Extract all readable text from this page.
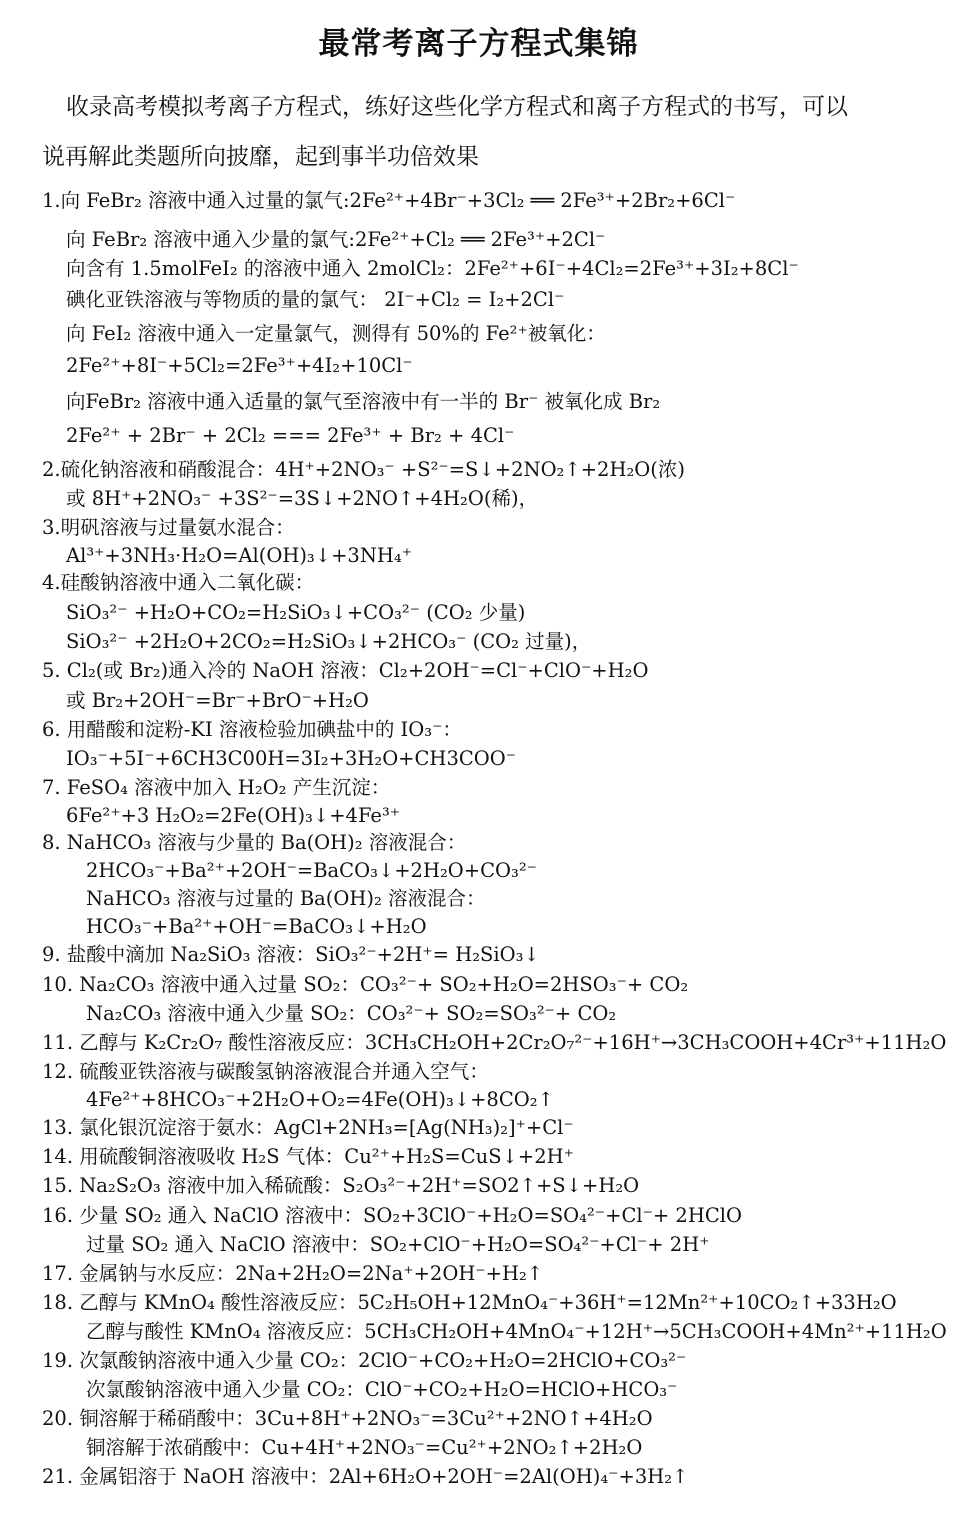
最常考离子方程式集锦
收录高考模拟考离子方程式，练好这些化学方程式和离子方程式的书写，可以
说再解此类题所向披靡，起到事半功倍效果
1.向 FeBr₂ 溶液中通入过量的氯气:2Fe²⁺+4Br⁻+3Cl₂ ══ 2Fe³⁺+2Br₂+6Cl⁻
向 FeBr₂ 溶液中通入少量的氯气:2Fe²⁺+Cl₂ ══ 2Fe³⁺+2Cl⁻
向含有 1.5molFeI₂ 的溶液中通入 2molCl₂：2Fe²⁺+6I⁻+4Cl₂=2Fe³⁺+3I₂+8Cl⁻
碘化亚铁溶液与等物质的量的氯气： 2I⁻+Cl₂ = I₂+2Cl⁻
向 FeI₂ 溶液中通入一定量氯气，测得有 50%的 Fe²⁺被氧化：
2Fe²⁺+8I⁻+5Cl₂=2Fe³⁺+4I₂+10Cl⁻
向FeBr₂ 溶液中通入适量的氯气至溶液中有一半的 Br⁻ 被氧化成 Br₂
2Fe²⁺ + 2Br⁻ + 2Cl₂ === 2Fe³⁺ + Br₂ + 4Cl⁻
2.硫化钠溶液和硝酸混合：4H⁺+2NO₃⁻ +S²⁻=S↓+2NO₂↑+2H₂O(浓)
或 8H⁺+2NO₃⁻ +3S²⁻=3S↓+2NO↑+4H₂O(稀)，
3.明矾溶液与过量氨水混合：
Al³⁺+3NH₃·H₂O=Al(OH)₃↓+3NH₄⁺
4.硅酸钠溶液中通入二氧化碳：
SiO₃²⁻ +H₂O+CO₂=H₂SiO₃↓+CO₃²⁻ (CO₂ 少量)
SiO₃²⁻ +2H₂O+2CO₂=H₂SiO₃↓+2HCO₃⁻ (CO₂ 过量)，
5. Cl₂(或 Br₂)通入冷的 NaOH 溶液：Cl₂+2OH⁻=Cl⁻+ClO⁻+H₂O
或 Br₂+2OH⁻=Br⁻+BrO⁻+H₂O
6. 用醋酸和淀粉-KI 溶液检验加碘盐中的 IO₃⁻：
IO₃⁻+5I⁻+6CH3C00H=3I₂+3H₂O+CH3COO⁻
7. FeSO₄ 溶液中加入 H₂O₂ 产生沉淀：
6Fe²⁺+3 H₂O₂=2Fe(OH)₃↓+4Fe³⁺
8. NaHCO₃ 溶液与少量的 Ba(OH)₂ 溶液混合：
2HCO₃⁻+Ba²⁺+2OH⁻=BaCO₃↓+2H₂O+CO₃²⁻
NaHCO₃ 溶液与过量的 Ba(OH)₂ 溶液混合：
HCO₃⁻+Ba²⁺+OH⁻=BaCO₃↓+H₂O
9. 盐酸中滴加 Na₂SiO₃ 溶液：SiO₃²⁻+2H⁺= H₂SiO₃↓
10. Na₂CO₃ 溶液中通入过量 SO₂：CO₃²⁻+ SO₂+H₂O=2HSO₃⁻+ CO₂
Na₂CO₃ 溶液中通入少量 SO₂：CO₃²⁻+ SO₂=SO₃²⁻+ CO₂
11. 乙醇与 K₂Cr₂O₇ 酸性溶液反应：3CH₃CH₂OH+2Cr₂O₇²⁻+16H⁺→3CH₃COOH+4Cr³⁺+11H₂O
12. 硫酸亚铁溶液与碳酸氢钠溶液混合并通入空气：
4Fe²⁺+8HCO₃⁻+2H₂O+O₂=4Fe(OH)₃↓+8CO₂↑
13. 氯化银沉淀溶于氨水：AgCl+2NH₃=[Ag(NH₃)₂]⁺+Cl⁻
14. 用硫酸铜溶液吸收 H₂S 气体：Cu²⁺+H₂S=CuS↓+2H⁺
15. Na₂S₂O₃ 溶液中加入稀硫酸：S₂O₃²⁻+2H⁺=SO2↑+S↓+H₂O
16. 少量 SO₂ 通入 NaClO 溶液中：SO₂+3ClO⁻+H₂O=SO₄²⁻+Cl⁻+ 2HClO
过量 SO₂ 通入 NaClO 溶液中：SO₂+ClO⁻+H₂O=SO₄²⁻+Cl⁻+ 2H⁺
17. 金属钠与水反应：2Na+2H₂O=2Na⁺+2OH⁻+H₂↑
18. 乙醇与 KMnO₄ 酸性溶液反应：5C₂H₅OH+12MnO₄⁻+36H⁺=12Mn²⁺+10CO₂↑+33H₂O
乙醇与酸性 KMnO₄ 溶液反应：5CH₃CH₂OH+4MnO₄⁻+12H⁺→5CH₃COOH+4Mn²⁺+11H₂O
19. 次氯酸钠溶液中通入少量 CO₂：2ClO⁻+CO₂+H₂O=2HClO+CO₃²⁻
次氯酸钠溶液中通入少量 CO₂：ClO⁻+CO₂+H₂O=HClO+HCO₃⁻
20. 铜溶解于稀硝酸中：3Cu+8H⁺+2NO₃⁻=3Cu²⁺+2NO↑+4H₂O
铜溶解于浓硝酸中：Cu+4H⁺+2NO₃⁻=Cu²⁺+2NO₂↑+2H₂O
21. 金属铝溶于 NaOH 溶液中：2Al+6H₂O+2OH⁻=2Al(OH)₄⁻+3H₂↑
